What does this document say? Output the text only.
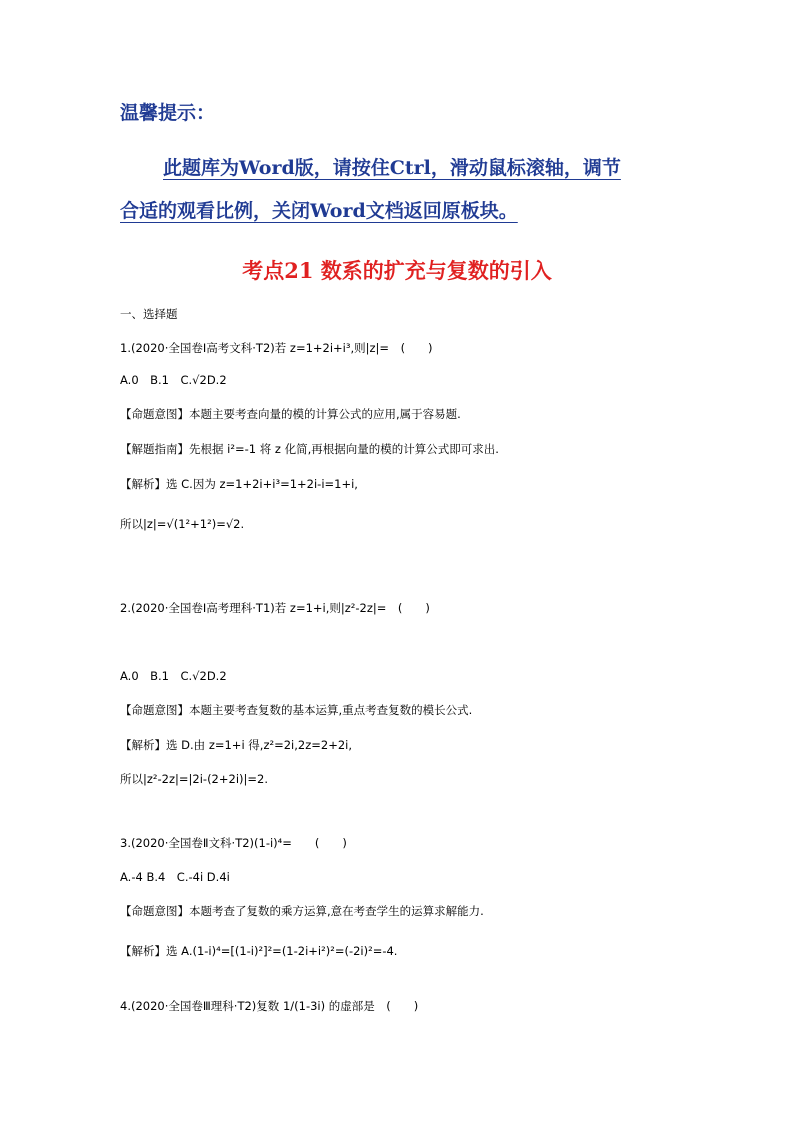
温馨提示：
此题库为Word版，请按住Ctrl，滑动鼠标滚轴，调节
合适的观看比例，关闭Word文档返回原板块。
考点21 数系的扩充与复数的引入
一、选择题
1.(2020·全国卷Ⅰ高考文科·T2)若 z=1+2i+i³,则|z|=　(　　)
A.0　B.1　C.√2D.2
【命题意图】本题主要考查向量的模的计算公式的应用,属于容易题.
【解题指南】先根据 i²=-1 将 z 化简,再根据向量的模的计算公式即可求出.
【解析】选 C.因为 z=1+2i+i³=1+2i-i=1+i,
所以|z|=√(1²+1²)=√2.
2.(2020·全国卷Ⅰ高考理科·T1)若 z=1+i,则|z²-2z|=　(　　)
A.0　B.1　C.√2D.2
【命题意图】本题主要考查复数的基本运算,重点考查复数的模长公式.
【解析】选 D.由 z=1+i 得,z²=2i,2z=2+2i,
所以|z²-2z|=|2i-(2+2i)|=2.
3.(2020·全国卷Ⅱ文科·T2)(1-i)⁴=　　(　　)
A.-4 B.4　C.-4i D.4i
【命题意图】本题考查了复数的乘方运算,意在考查学生的运算求解能力.
【解析】选 A.(1-i)⁴=[(1-i)²]²=(1-2i+i²)²=(-2i)²=-4.
4.(2020·全国卷Ⅲ理科·T2)复数 1/(1-3i) 的虚部是　(　　)
